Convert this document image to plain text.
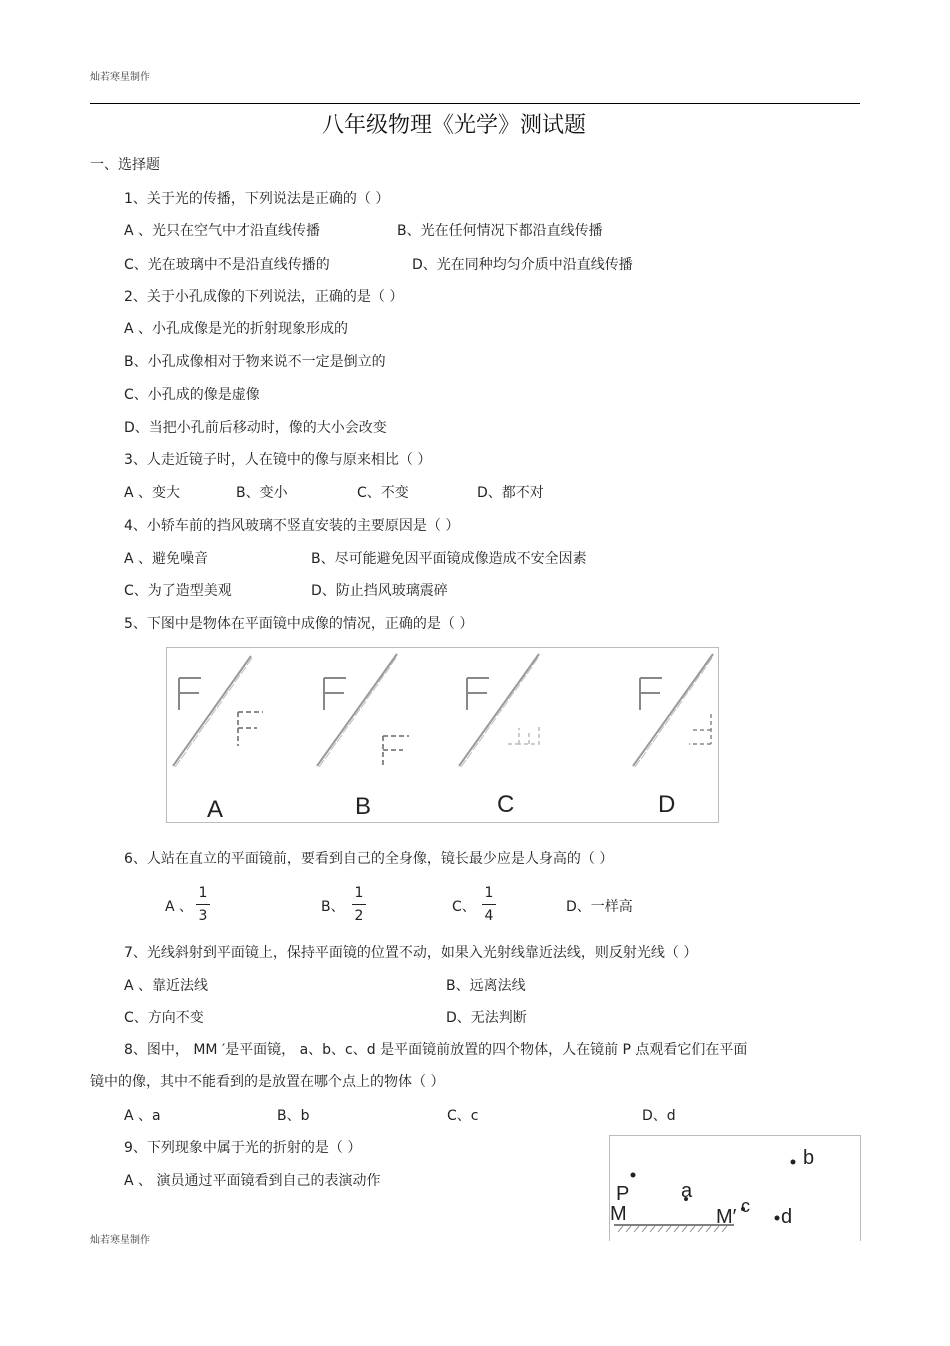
灿若寒星制作
八年级物理《光学》测试题
一、选择题
1、关于光的传播，下列说法是正确的（ ）
A 、光只在空气中才沿直线传播	B、光在任何情况下都沿直线传播
C、光在玻璃中不是沿直线传播的	D、光在同种均匀介质中沿直线传播
2、关于小孔成像的下列说法，正确的是（ ）
A 、小孔成像是光的折射现象形成的
B、小孔成像相对于物来说不一定是倒立的
C、小孔成的像是虚像
D、当把小孔前后移动时，像的大小会改变
3、人走近镜子时，人在镜中的像与原来相比（ ）
A 、变大	B、变小	C、不变	D、都不对
4、小轿车前的挡风玻璃不竖直安装的主要原因是（ ）
A 、避免噪音	B、尽可能避免因平面镜成像造成不安全因素
C、为了造型美观	D、防止挡风玻璃震碎
5、下图中是物体在平面镜中成像的情况，正确的是（ ）
A	B	C	D
6、人站在直立的平面镜前，要看到自己的全身像，镜长最少应是人身高的（ ）
A 、
1
3
B、
1
2
C、
1
4
D、一样高
7、光线斜射到平面镜上，保持平面镜的位置不动，如果入光射线靠近法线，则反射光线（ ）
A 、靠近法线	B、远离法线
C、方向不变	D、无法判断
8、图中， MM ′是平面镜， a、b、c、d 是平面镜前放置的四个物体，人在镜前 P 点观看它们在平面
镜中的像，其中不能看到的是放置在哪个点上的物体（ ）
A 、a	B、b	C、c	D、d
9、下列现象中属于光的折射的是（ ）
A 、 演员通过平面镜看到自己的表演动作
b
P	a
M	M′ c d
灿若寒星制作
